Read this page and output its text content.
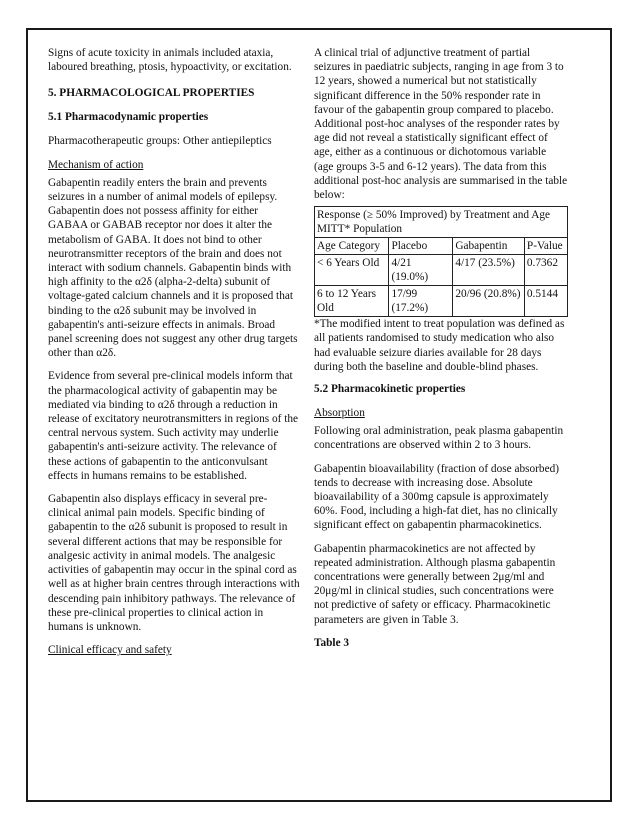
Signs of acute toxicity in animals included ataxia, laboured breathing, ptosis, hypoactivity, or excitation.

5. PHARMACOLOGICAL PROPERTIES
5.1 Pharmacodynamic properties

Pharmacotherapeutic groups: Other antiepileptics

Mechanism of action

Gabapentin readily enters the brain and prevents seizures in a number of animal models of epilepsy. Gabapentin does not possess affinity for either GABAA or GABAB receptor nor does it alter the metabolism of GABA. It does not bind to other neurotransmitter receptors of the brain and does not interact with sodium channels. Gabapentin binds with high affinity to the α2δ (alpha-2-delta) subunit of voltage-gated calcium channels and it is proposed that binding to the α2δ subunit may be involved in gabapentin's anti-seizure effects in animals. Broad panel screening does not suggest any other drug targets other than α2δ.

Evidence from several pre-clinical models inform that the pharmacological activity of gabapentin may be mediated via binding to α2δ through a reduction in release of excitatory neurotransmitters in regions of the central nervous system. Such activity may underlie gabapentin's anti-seizure activity. The relevance of these actions of gabapentin to the anticonvulsant effects in humans remains to be established.

Gabapentin also displays efficacy in several pre-clinical animal pain models. Specific binding of gabapentin to the α2δ subunit is proposed to result in several different actions that may be responsible for analgesic activity in animal models. The analgesic activities of gabapentin may occur in the spinal cord as well as at higher brain centres through interactions with descending pain inhibitory pathways. The relevance of these pre-clinical properties to clinical action in humans is unknown.

Clinical efficacy and safety

A clinical trial of adjunctive treatment of partial seizures in paediatric subjects, ranging in age from 3 to 12 years, showed a numerical but not statistically significant difference in the 50% responder rate in favour of the gabapentin group compared to placebo. Additional post-hoc analyses of the responder rates by age did not reveal a statistically significant effect of age, either as a continuous or dichotomous variable (age groups 3-5 and 6-12 years). The data from this additional post-hoc analysis are summarised in the table below:

Response (≥ 50% Improved) by Treatment and Age MITT* Population			
Age Category	Placebo	Gabapentin	P-Value
< 6 Years Old	4/21 (19.0%)	4/17 (23.5%)	0.7362
6 to 12 Years Old	17/99 (17.2%)	20/96 (20.8%)	0.5144

*The modified intent to treat population was defined as all patients randomised to study medication who also had evaluable seizure diaries available for 28 days during both the baseline and double-blind phases.

5.2 Pharmacokinetic properties

Absorption

Following oral administration, peak plasma gabapentin concentrations are observed within 2 to 3 hours.

Gabapentin bioavailability (fraction of dose absorbed) tends to decrease with increasing dose. Absolute bioavailability of a 300mg capsule is approximately 60%. Food, including a high-fat diet, has no clinically significant effect on gabapentin pharmacokinetics.

Gabapentin pharmacokinetics are not affected by repeated administration. Although plasma gabapentin concentrations were generally between 2μg/ml and 20μg/ml in clinical studies, such concentrations were not predictive of safety or efficacy. Pharmacokinetic parameters are given in Table 3.

Table 3
